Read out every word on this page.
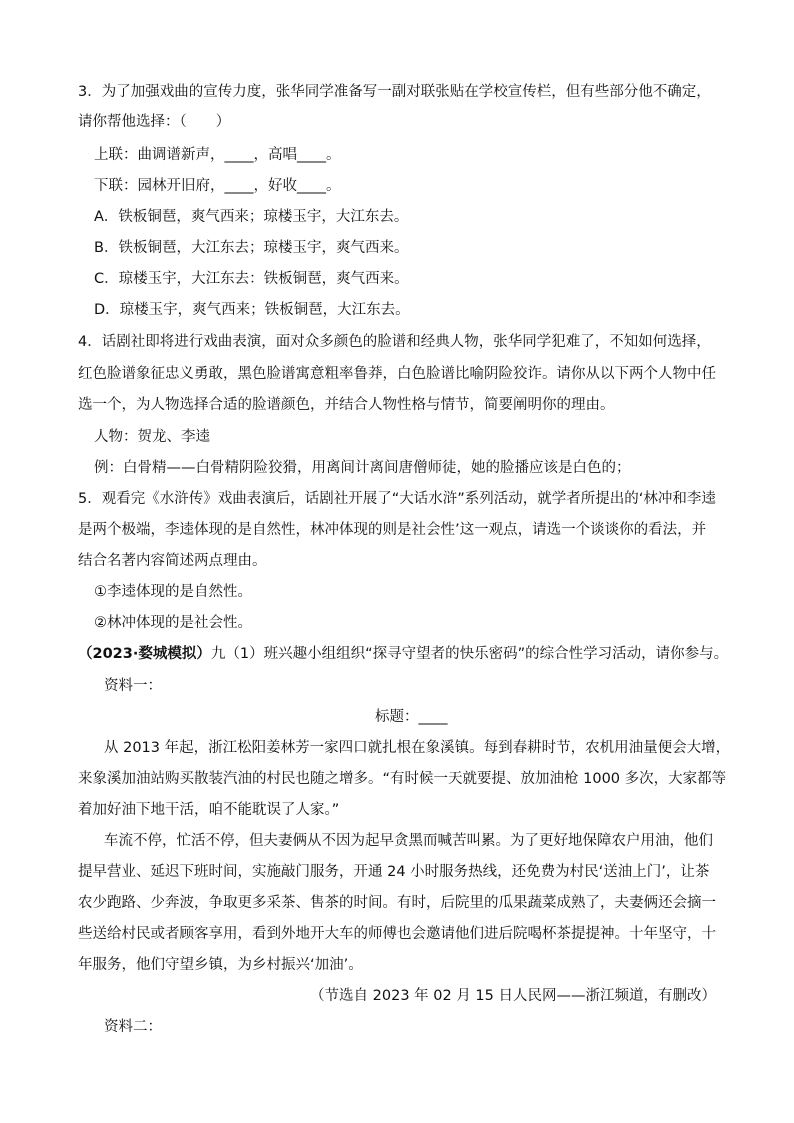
3．为了加强戏曲的宣传力度，张华同学准备写一副对联张贴在学校宣传栏，但有些部分他不确定，
请你帮他选择：（　　）
上联：曲调谱新声，____，高唱____。
下联：园林开旧府，____，好收____。
A．铁板铜琶，爽气西来；琼楼玉宇，大江东去。
B．铁板铜琶，大江东去；琼楼玉宇，爽气西来。
C．琼楼玉宇，大江东去：铁板铜琶，爽气西来。
D．琼楼玉宇，爽气西来；铁板铜琶，大江东去。
4．话剧社即将进行戏曲表演，面对众多颜色的脸谱和经典人物，张华同学犯难了，不知如何选择，
红色脸谱象征忠义勇敢，黑色脸谱寓意粗率鲁莽，白色脸谱比喻阴险狡诈。请你从以下两个人物中任
选一个，为人物选择合适的脸谱颜色，并结合人物性格与情节，简要阐明你的理由。
人物：贺龙、李逵
例：白骨精——白骨精阴险狡猾，用离间计离间唐僧师徒，她的脸播应该是白色的；
5．观看完《水浒传》戏曲表演后，话剧社开展了“大话水浒”系列活动，就学者所提出的‘林冲和李逵
是两个极端，李逵体现的是自然性，林冲体现的则是社会性’这一观点，请选一个谈谈你的看法，并
结合名著内容简述两点理由。
①李逵体现的是自然性。
②林冲体现的是社会性。
（2023·婺城模拟）九（1）班兴趣小组组织“探寻守望者的快乐密码”的综合性学习活动，请你参与。
资料一：
标题：____
从 2013 年起，浙江松阳姜林芳一家四口就扎根在象溪镇。每到春耕时节，农机用油量便会大增，
来象溪加油站购买散装汽油的村民也随之增多。“有时候一天就要提、放加油枪 1000 多次，大家都等
着加好油下地干活，咱不能耽误了人家。”
车流不停，忙活不停，但夫妻俩从不因为起早贪黑而喊苦叫累。为了更好地保障农户用油，他们
提早营业、延迟下班时间，实施敲门服务，开通 24 小时服务热线，还免费为村民‘送油上门’，让茶
农少跑路、少奔波，争取更多采茶、售茶的时间。有时，后院里的瓜果蔬菜成熟了，夫妻俩还会摘一
些送给村民或者顾客享用，看到外地开大车的师傅也会邀请他们进后院喝杯茶提提神。十年坚守，十
年服务，他们守望乡镇，为乡村振兴‘加油’。
（节选自 2023 年 02 月 15 日人民网——浙江频道，有删改）
资料二：
